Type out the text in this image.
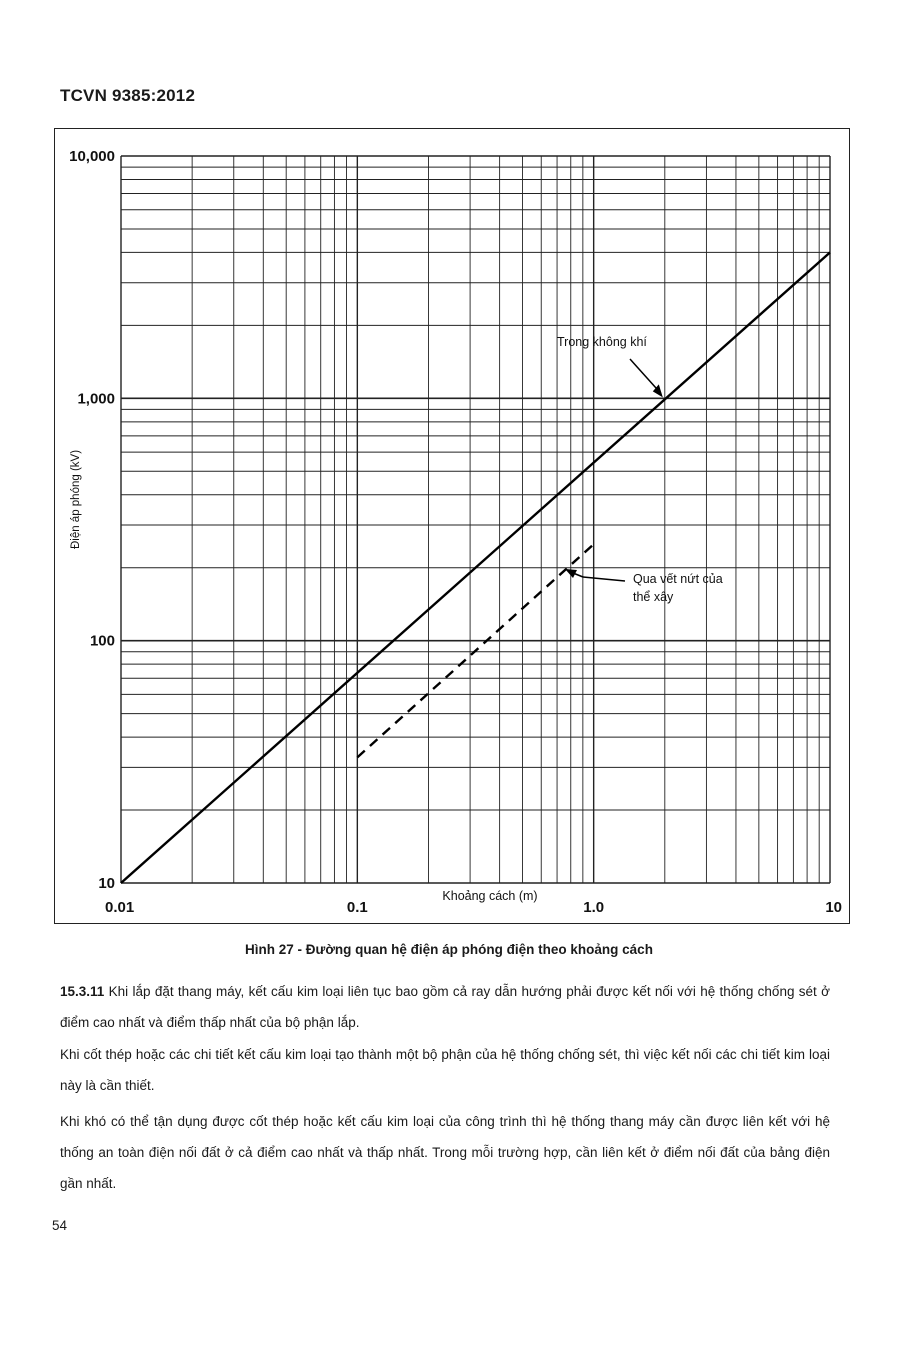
TCVN 9385:2012
0.01	0.1	1.0	10
10
100
1,000
10,000
Khoảng cách (m)
Điện áp phóng (kV)
Trong không khí
Qua vết nứt của
thể xây
Hình 27 - Đường quan hệ điện áp phóng điện theo khoảng cách
15.3.11 Khi lắp đặt thang máy, kết cấu kim loại liên tục bao gồm cả ray dẫn hướng phải được kết nối với hệ thống chống sét ở điểm cao nhất và điểm thấp nhất của bộ phận lắp.
Khi cốt thép hoặc các chi tiết kết cấu kim loại tạo thành một bộ phận của hệ thống chống sét, thì việc kết nối các chi tiết kim loại này là cần thiết.
Khi khó có thể tận dụng được cốt thép hoặc kết cấu kim loại của công trình thì hệ thống thang máy cần được liên kết với hệ thống an toàn điện nối đất ở cả điểm cao nhất và thấp nhất. Trong mỗi trường hợp, cần liên kết ở điểm nối đất của bảng điện gần nhất.
54
